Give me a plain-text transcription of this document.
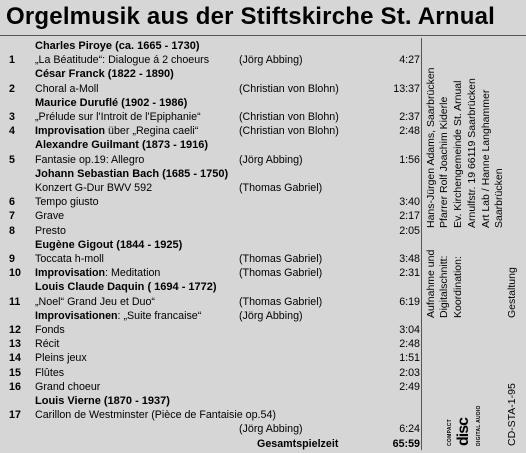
Orgelmusik aus der Stiftskirche St. Arnual
Charles Piroye (ca. 1665 - 1730)
1 „La Béatitude“: Dialogue á 2 choeurs	(Jörg Abbing)	4:27
César Franck (1822 - 1890)
2 Choral a-Moll	(Christian von Blohn)	13:37
Maurice Duruflé (1902 - 1986)
3 „Prélude sur l'Introit de l'Epiphanie“	(Christian von Blohn)	2:37
4 Improvisation über „Regina caeli“	(Christian von Blohn)	2:48
Alexandre Guilmant (1873 - 1916)
5 Fantasie op.19: Allegro	(Jörg Abbing)	1:56
Johann Sebastian Bach (1685 - 1750)
Konzert G-Dur BWV 592	(Thomas Gabriel)
6 Tempo giusto	3:40
7 Grave	2:17
8 Presto	2:05
Eugène Gigout (1844 - 1925)
9 Toccata h-moll	(Thomas Gabriel)	3:48
10 Improvisation: Meditation	(Thomas Gabriel)	2:31
Louis Claude Daquin ( 1694 - 1772)
11 „Noel“ Grand Jeu et Duo“	(Thomas Gabriel)	6:19
Improvisationen: „Suite francaise“	(Jörg Abbing)
12 Fonds	3:04
13 Récit	2:48
14 Pleins jeux	1:51
15 Flûtes	2:03
16 Grand choeur	2:49
Louis Vierne (1870 - 1937)
17 Carillon de Westminster (Pièce de Fantaisie op.54)
(Jörg Abbing)	6:24
Gesamtspielzeit	65:59
Aufnahme und Digitalschnitt: Koordination:	Gestaltung
Hans-Jürgen Adams, Saarbrücken Pfarrer Rolf Joachim Kiderle Ev. Kirchengemeinde St. Arnual Arnulfstr. 19 66119 Saarbrücken Art Lab / Hanne Langhammer Saarbrücken
CD-STA-1-95
COMPACT disc DIGITAL AUDIO
